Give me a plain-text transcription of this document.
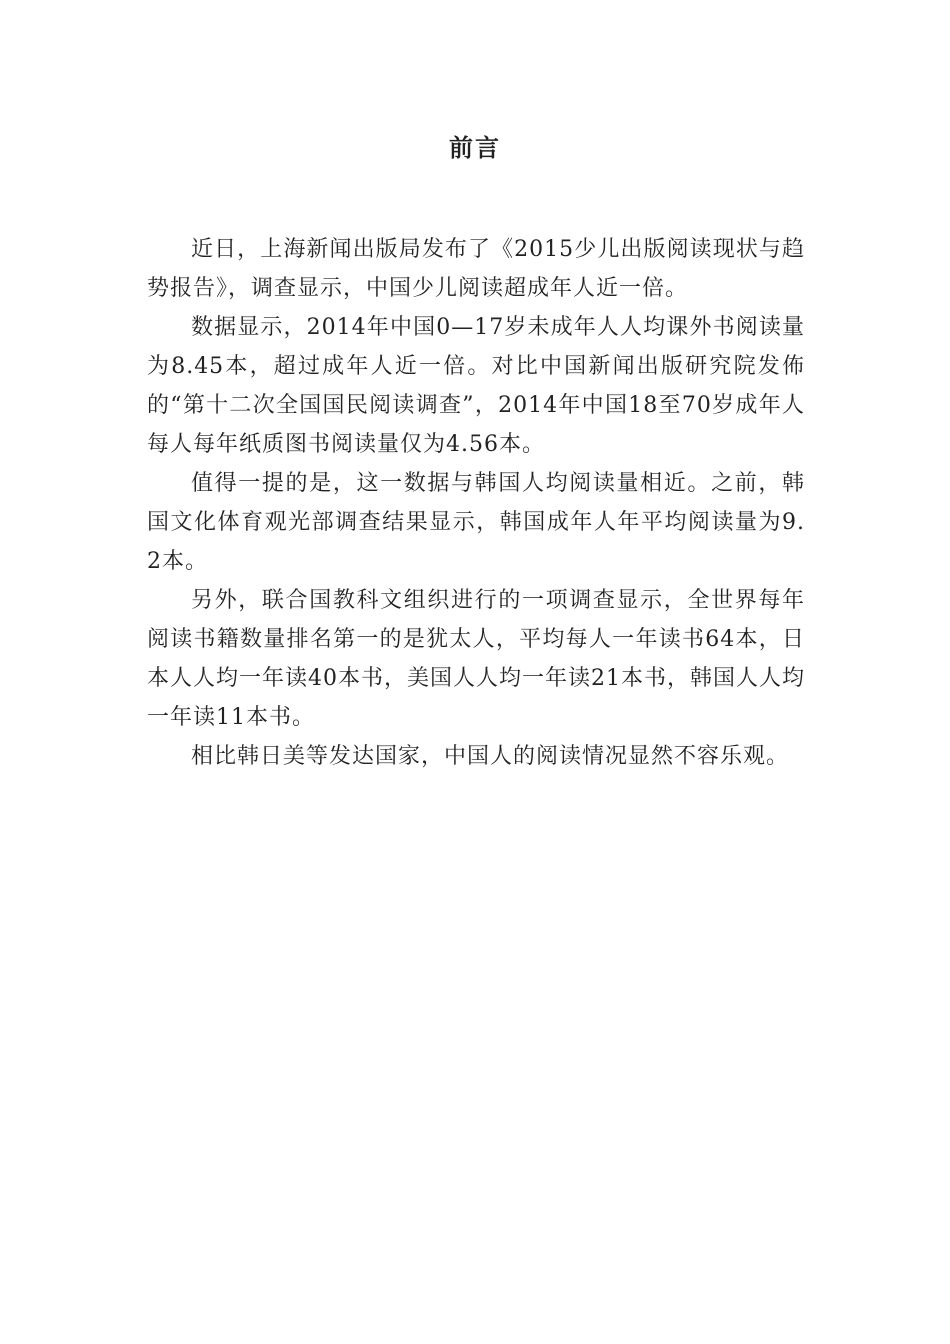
前言

近日，上海新闻出版局发布了《2015少儿出版阅读现状与趋势报告》，调查显示，中国少儿阅读超成年人近一倍。

数据显示，2014年中国0—17岁未成年人人均课外书阅读量为8.45本，超过成年人近一倍。对比中国新闻出版研究院发佈的“第十二次全国国民阅读调查”，2014年中国18至70岁成年人每人每年纸质图书阅读量仅为4.56本。

值得一提的是，这一数据与韩国人均阅读量相近。之前，韩国文化体育观光部调查结果显示，韩国成年人年平均阅读量为9.2本。

另外，联合国教科文组织进行的一项调查显示，全世界每年阅读书籍数量排名第一的是犹太人，平均每人一年读书64本，日本人人均一年读40本书，美国人人均一年读21本书，韩国人人均一年读11本书。

相比韩日美等发达国家，中国人的阅读情况显然不容乐观。
